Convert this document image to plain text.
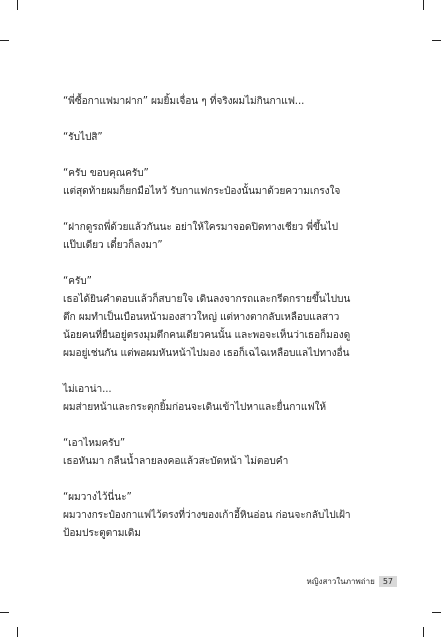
“พี่ซื้อกาแฟมาฝาก” ผมยิ้มเจื่อน ๆ ที่จริงผมไม่กินกาแฟ...

“รับไปสิ”

“ครับ ขอบคุณครับ”
แต่สุดท้ายผมก็ยกมือไหว้ รับกาแฟกระป๋องนั้นมาด้วยความเกรงใจ

“ฝากดูรถพี่ด้วยแล้วกันนะ อย่าให้ใครมาจอดปิดทางเชียว พี่ขึ้นไป
แป๊บเดียว เดี๋ยวก็ลงมา”

“ครับ”
เธอได้ยินคำตอบแล้วก็สบายใจ เดินลงจากรถและกรีดกรายขึ้นไปบน
ตึก ผมทำเป็นเบือนหน้ามองสาวใหญ่ แต่หางตากลับเหลือบแลสาว
น้อยคนที่ยืนอยู่ตรงมุมตึกคนเดียวคนนั้น และพอจะเห็นว่าเธอก็มองดู
ผมอยู่เช่นกัน แต่พอผมหันหน้าไปมอง เธอก็เฉไฉเหลือบแลไปทางอื่น

ไม่เอาน่า...
ผมส่ายหน้าและกระตุกยิ้มก่อนจะเดินเข้าไปหาและยื่นกาแฟให้

“เอาไหมครับ”
เธอหันมา กลืนน้ำลายลงคอแล้วสะบัดหน้า ไม่ตอบคำ

“ผมวางไว้นี่นะ”
ผมวางกระป๋องกาแฟไว้ตรงที่ว่างของเก้าอี้หินอ่อน ก่อนจะกลับไปเฝ้า
ป้อมประตูตามเดิม

หญิงสาวในภาพถ่าย	57
